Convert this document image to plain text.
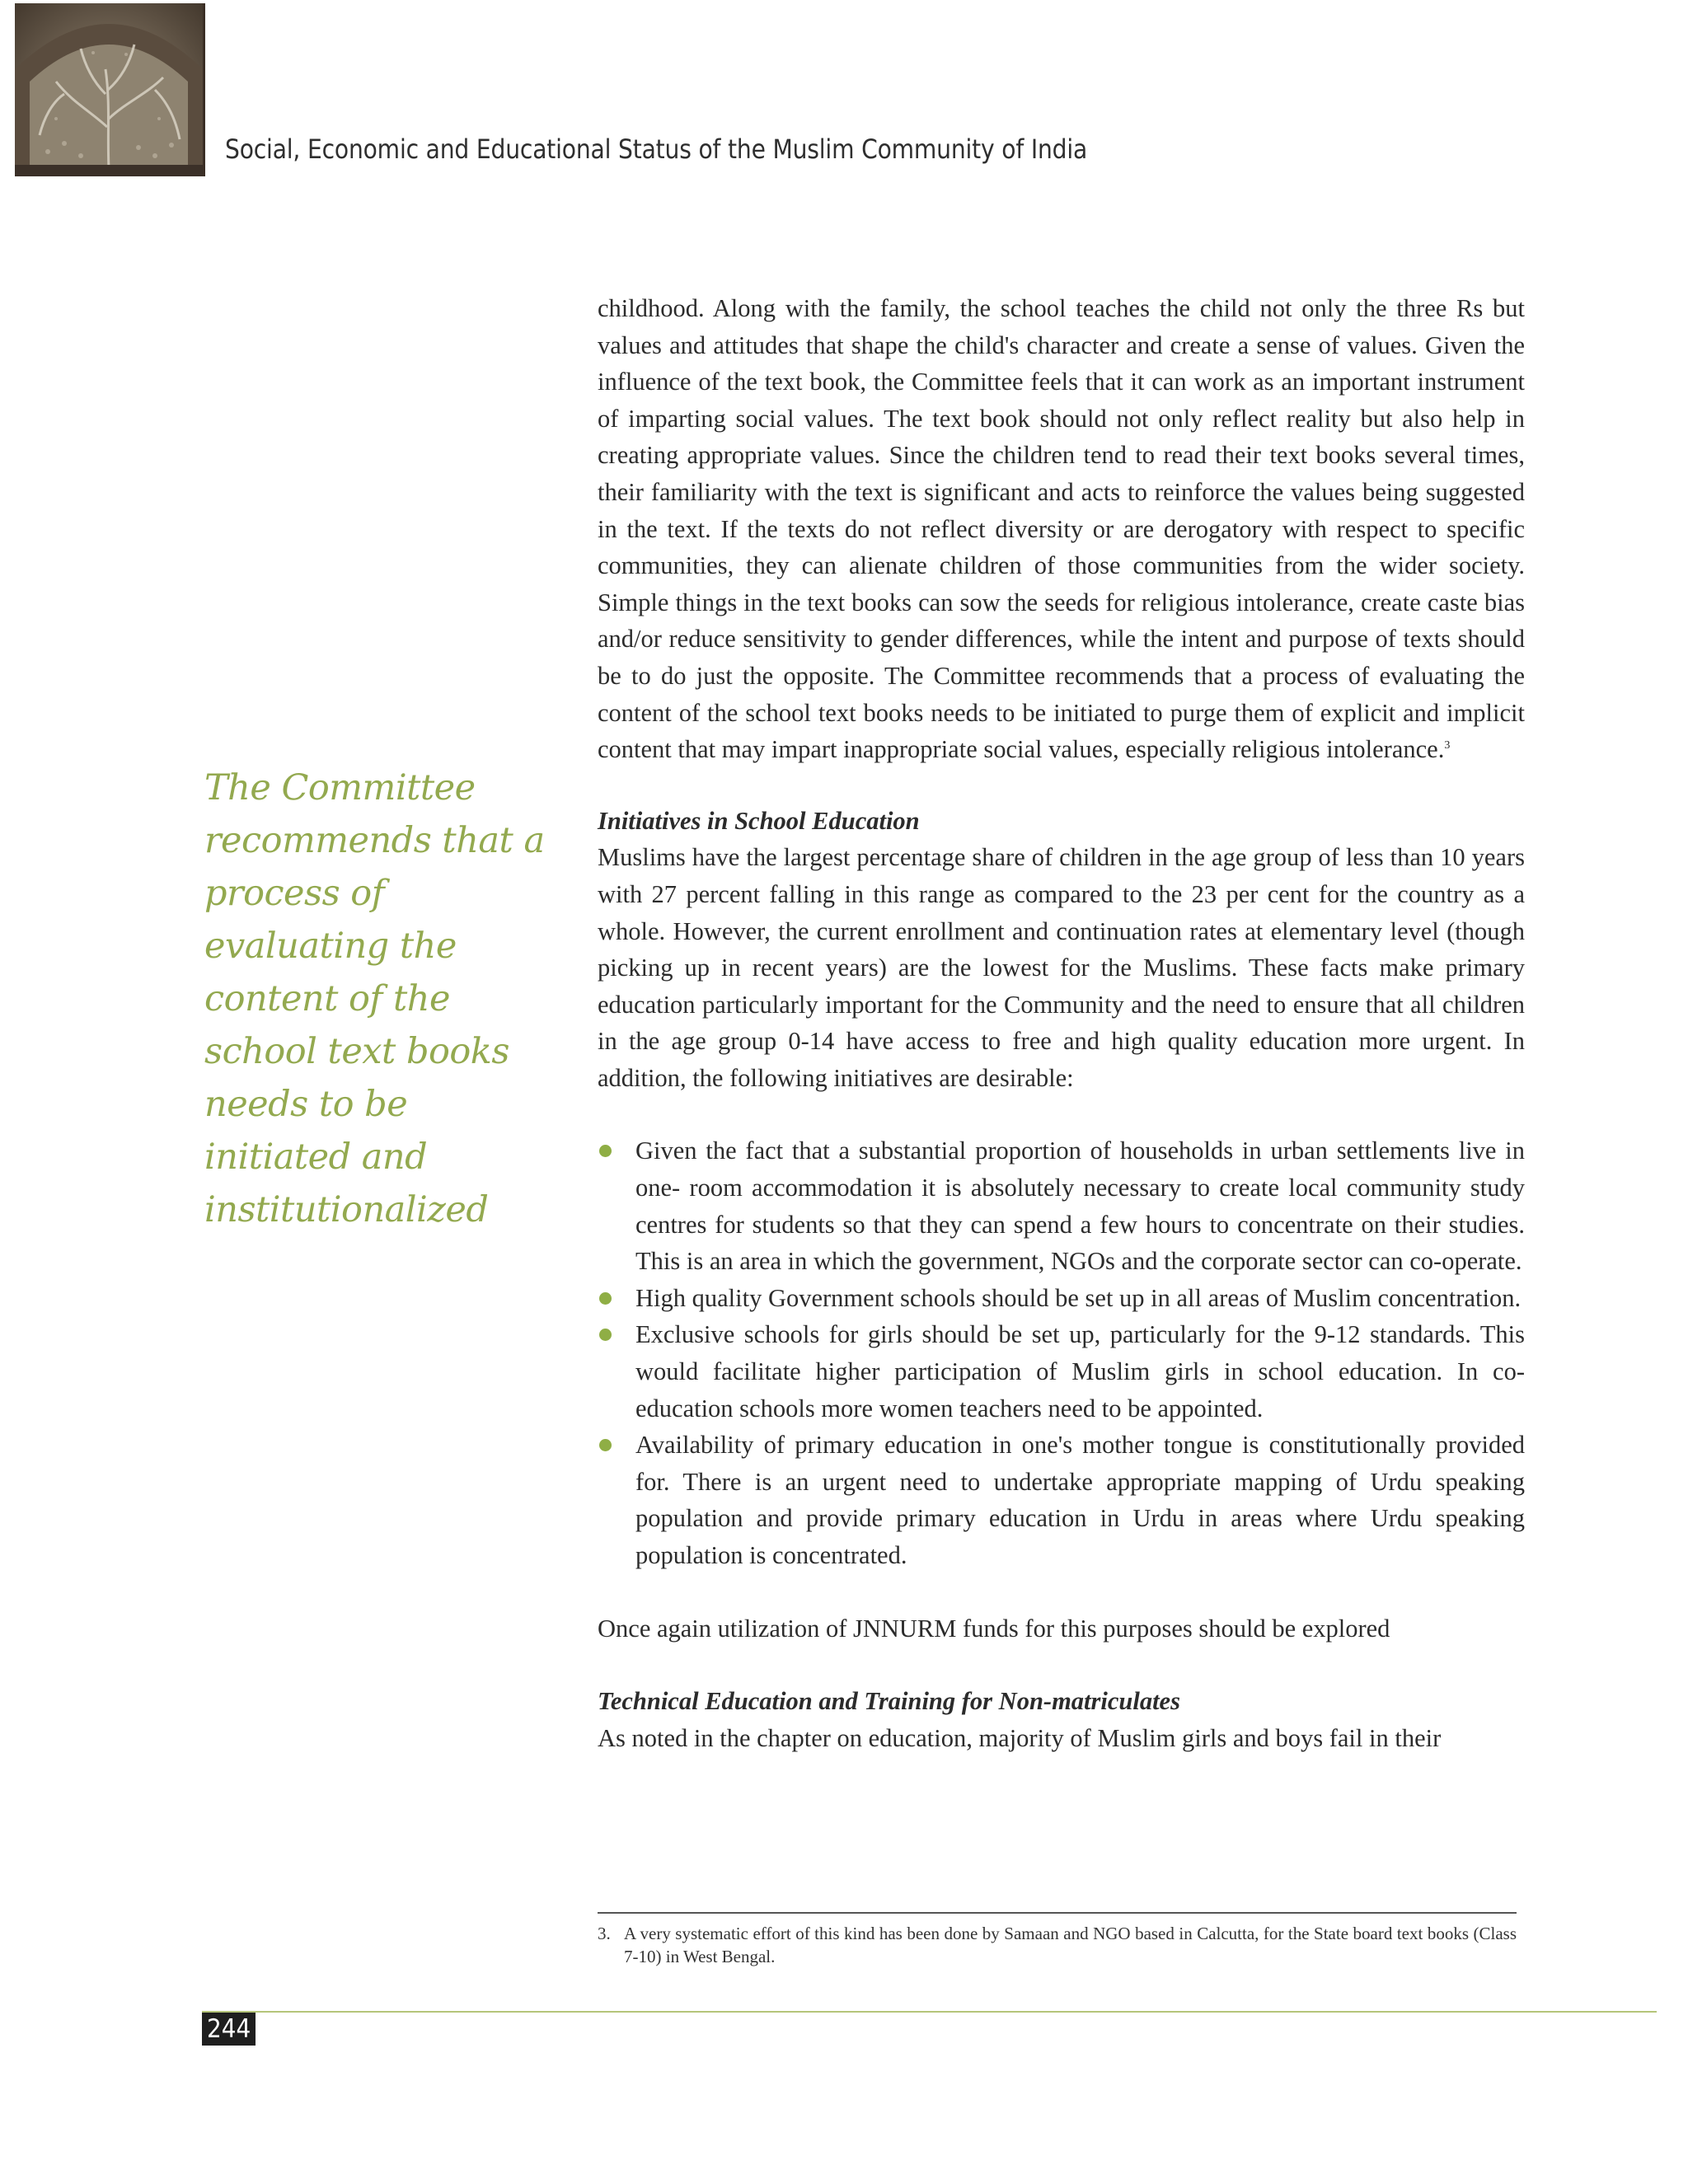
Social, Economic and Educational Status of the Muslim Community of India
The Committee recommends that a process of evaluating the content of the school text books needs to be initiated and institutionalized

childhood. Along with the family, the school teaches the child not only the three Rs but values and attitudes that shape the child's character and create a sense of values. Given the influence of the text book, the Committee feels that it can work as an important instrument of imparting social values. The text book should not only reflect reality but also help in creating appropriate values. Since the children tend to read their text books several times, their familiarity with the text is significant and acts to reinforce the values being suggested in the text. If the texts do not reflect diversity or are derogatory with respect to specific communities, they can alienate children of those communities from the wider society. Simple things in the text books can sow the seeds for religious intolerance, create caste bias and/or reduce sensitivity to gender differences, while the intent and purpose of texts should be to do just the opposite. The Committee recommends that a process of evaluating the content of the school text books needs to be initiated to purge them of explicit and implicit content that may impart inappropriate social values, especially religious intolerance.$^3$

Initiatives in School Education

Muslims have the largest percentage share of children in the age group of less than 10 years with 27 percent falling in this range as compared to the 23 per cent for the country as a whole. However, the current enrollment and continuation rates at elementary level (though picking up in recent years) are the lowest for the Muslims. These facts make primary education particularly important for the Community and the need to ensure that all children in the age group 0-14 have access to free and high quality education more urgent. In addition, the following initiatives are desirable:

Given the fact that a substantial proportion of households in urban settlements live in one- room accommodation it is absolutely necessary to create local community study centres for students so that they can spend a few hours to concentrate on their studies. This is an area in which the government, NGOs and the corporate sector can co-operate.
High quality Government schools should be set up in all areas of Muslim concentration.
Exclusive schools for girls should be set up, particularly for the 9-12 standards. This would facilitate higher participation of Muslim girls in school education. In co-education schools more women teachers need to be appointed.
Availability of primary education in one's mother tongue is constitutionally provided for. There is an urgent need to undertake appropriate mapping of Urdu speaking population and provide primary education in Urdu in areas where Urdu speaking population is concentrated.

Once again utilization of JNNURM funds for this purposes should be explored

Technical Education and Training for Non-matriculates

As noted in the chapter on education, majority of Muslim girls and boys fail in their

3. A very systematic effort of this kind has been done by Samaan and NGO based in Calcutta, for the State board text books (Class 7-10) in West Bengal.
244
